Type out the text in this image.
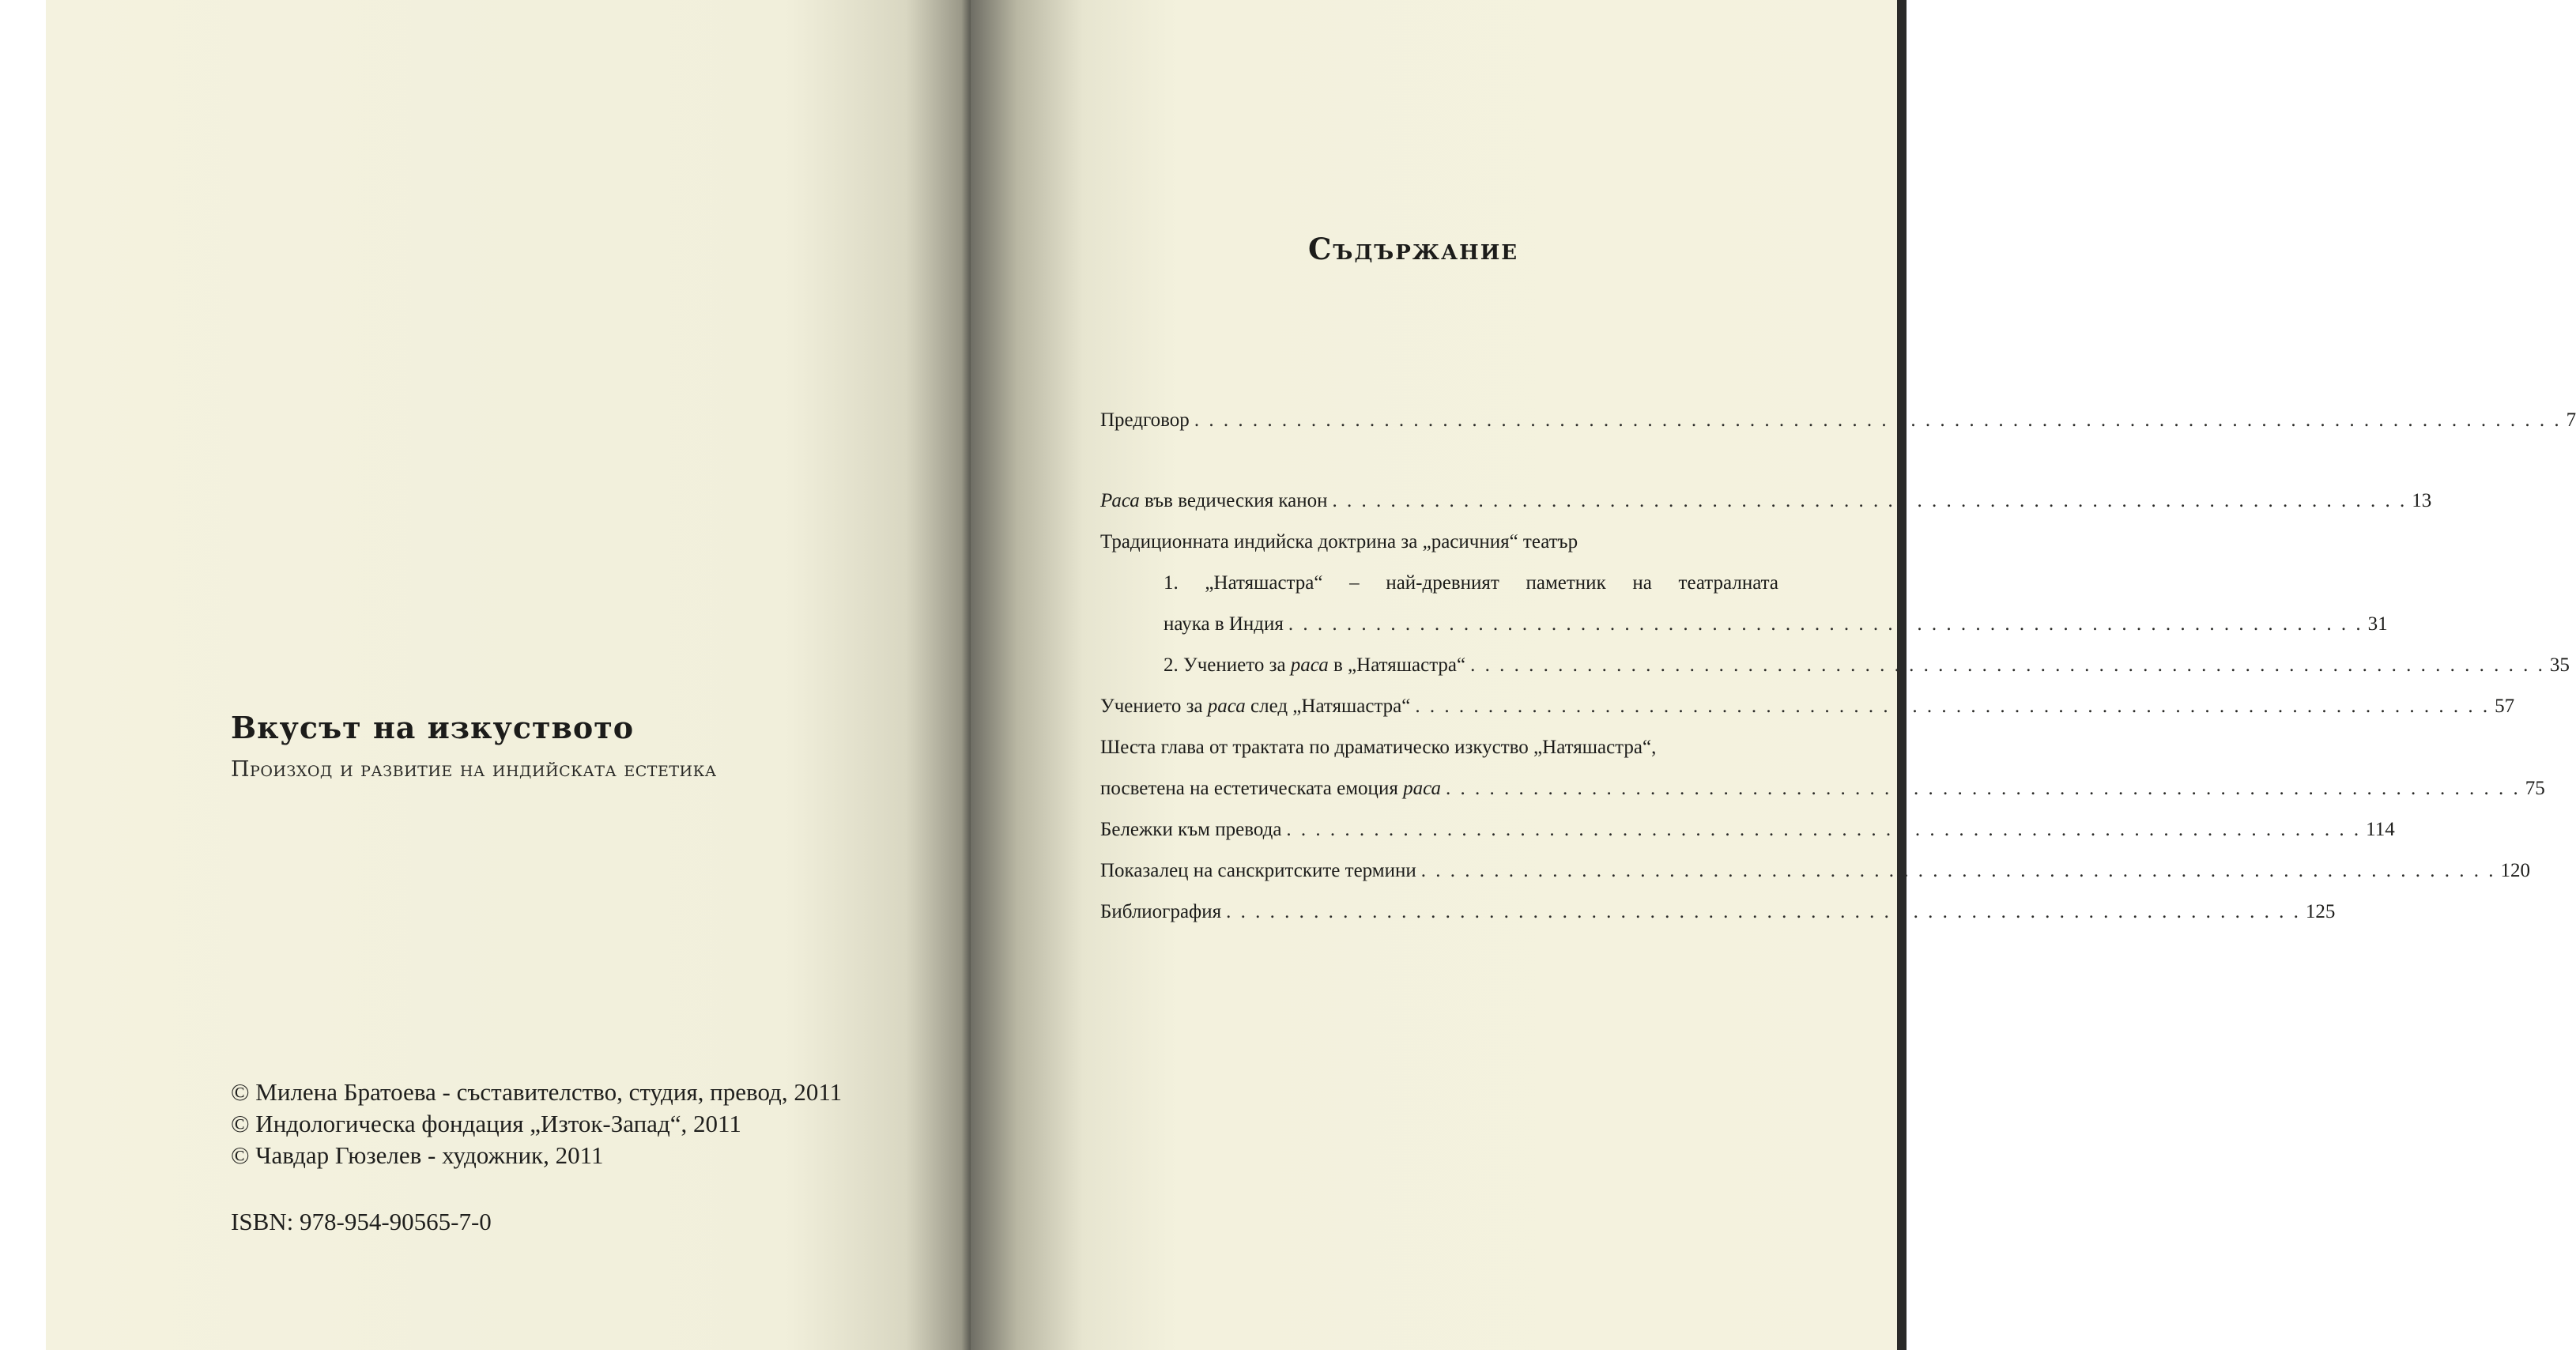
Вкусът на изкуството
Произход и развитие на индийската естетика
© Милена Братоева - съставителство, студия, превод, 2011
© Индологическа фондация „Изток-Запад“, 2011
© Чавдар Гюзелев - художник, 2011
ISBN: 978-954-90565-7-0
Съдържание
Предговор . . . . . . . . . . . . . . . . . . . . . . . . . . . . . . . . . . . . . . . . . . . . . . . . . . . . . . . . . . . . . . . . . . . . . . . . . . . . . . . . . . . . . . . . . . . . . . 7
Раса във ведическия канон . . . . . . . . . . . . . . . . . . . . . . . . . . . . . . . . . . . . . . . . . . . . . . . . . . . . . . . . . . . . . . . . . . . . . . . . . . 13
Традиционната индийска доктрина за „расичния“ театър
1. „Натяшастра“ – най-древният паметник на театралната
наука в Индия . . . . . . . . . . . . . . . . . . . . . . . . . . . . . . . . . . . . . . . . . . . . . . . . . . . . . . . . . . . . . . . . . . . . . . . . . . 31
2. Учението за раса в „Натяшастра“ . . . . . . . . . . . . . . . . . . . . . . . . . . . . . . . . . . . . . . . . . . . . . . . . . . . . . . . . . . . . . . . . . . . . . . . . . . 35
Учението за раса след „Натяшастра“ . . . . . . . . . . . . . . . . . . . . . . . . . . . . . . . . . . . . . . . . . . . . . . . . . . . . . . . . . . . . . . . . . . . . . . . . . . 57
Шеста глава от трактата по драматическо изкуство „Натяшастра“,
посветена на естетическата емоция раса . . . . . . . . . . . . . . . . . . . . . . . . . . . . . . . . . . . . . . . . . . . . . . . . . . . . . . . . . . . . . . . . . . . . . . . . . . 75
Бележки към превода . . . . . . . . . . . . . . . . . . . . . . . . . . . . . . . . . . . . . . . . . . . . . . . . . . . . . . . . . . . . . . . . . . . . . . . . . . 114
Показалец на санскритските термини . . . . . . . . . . . . . . . . . . . . . . . . . . . . . . . . . . . . . . . . . . . . . . . . . . . . . . . . . . . . . . . . . . . . . . . . . . 120
Библиография . . . . . . . . . . . . . . . . . . . . . . . . . . . . . . . . . . . . . . . . . . . . . . . . . . . . . . . . . . . . . . . . . . . . . . . . . . 125
